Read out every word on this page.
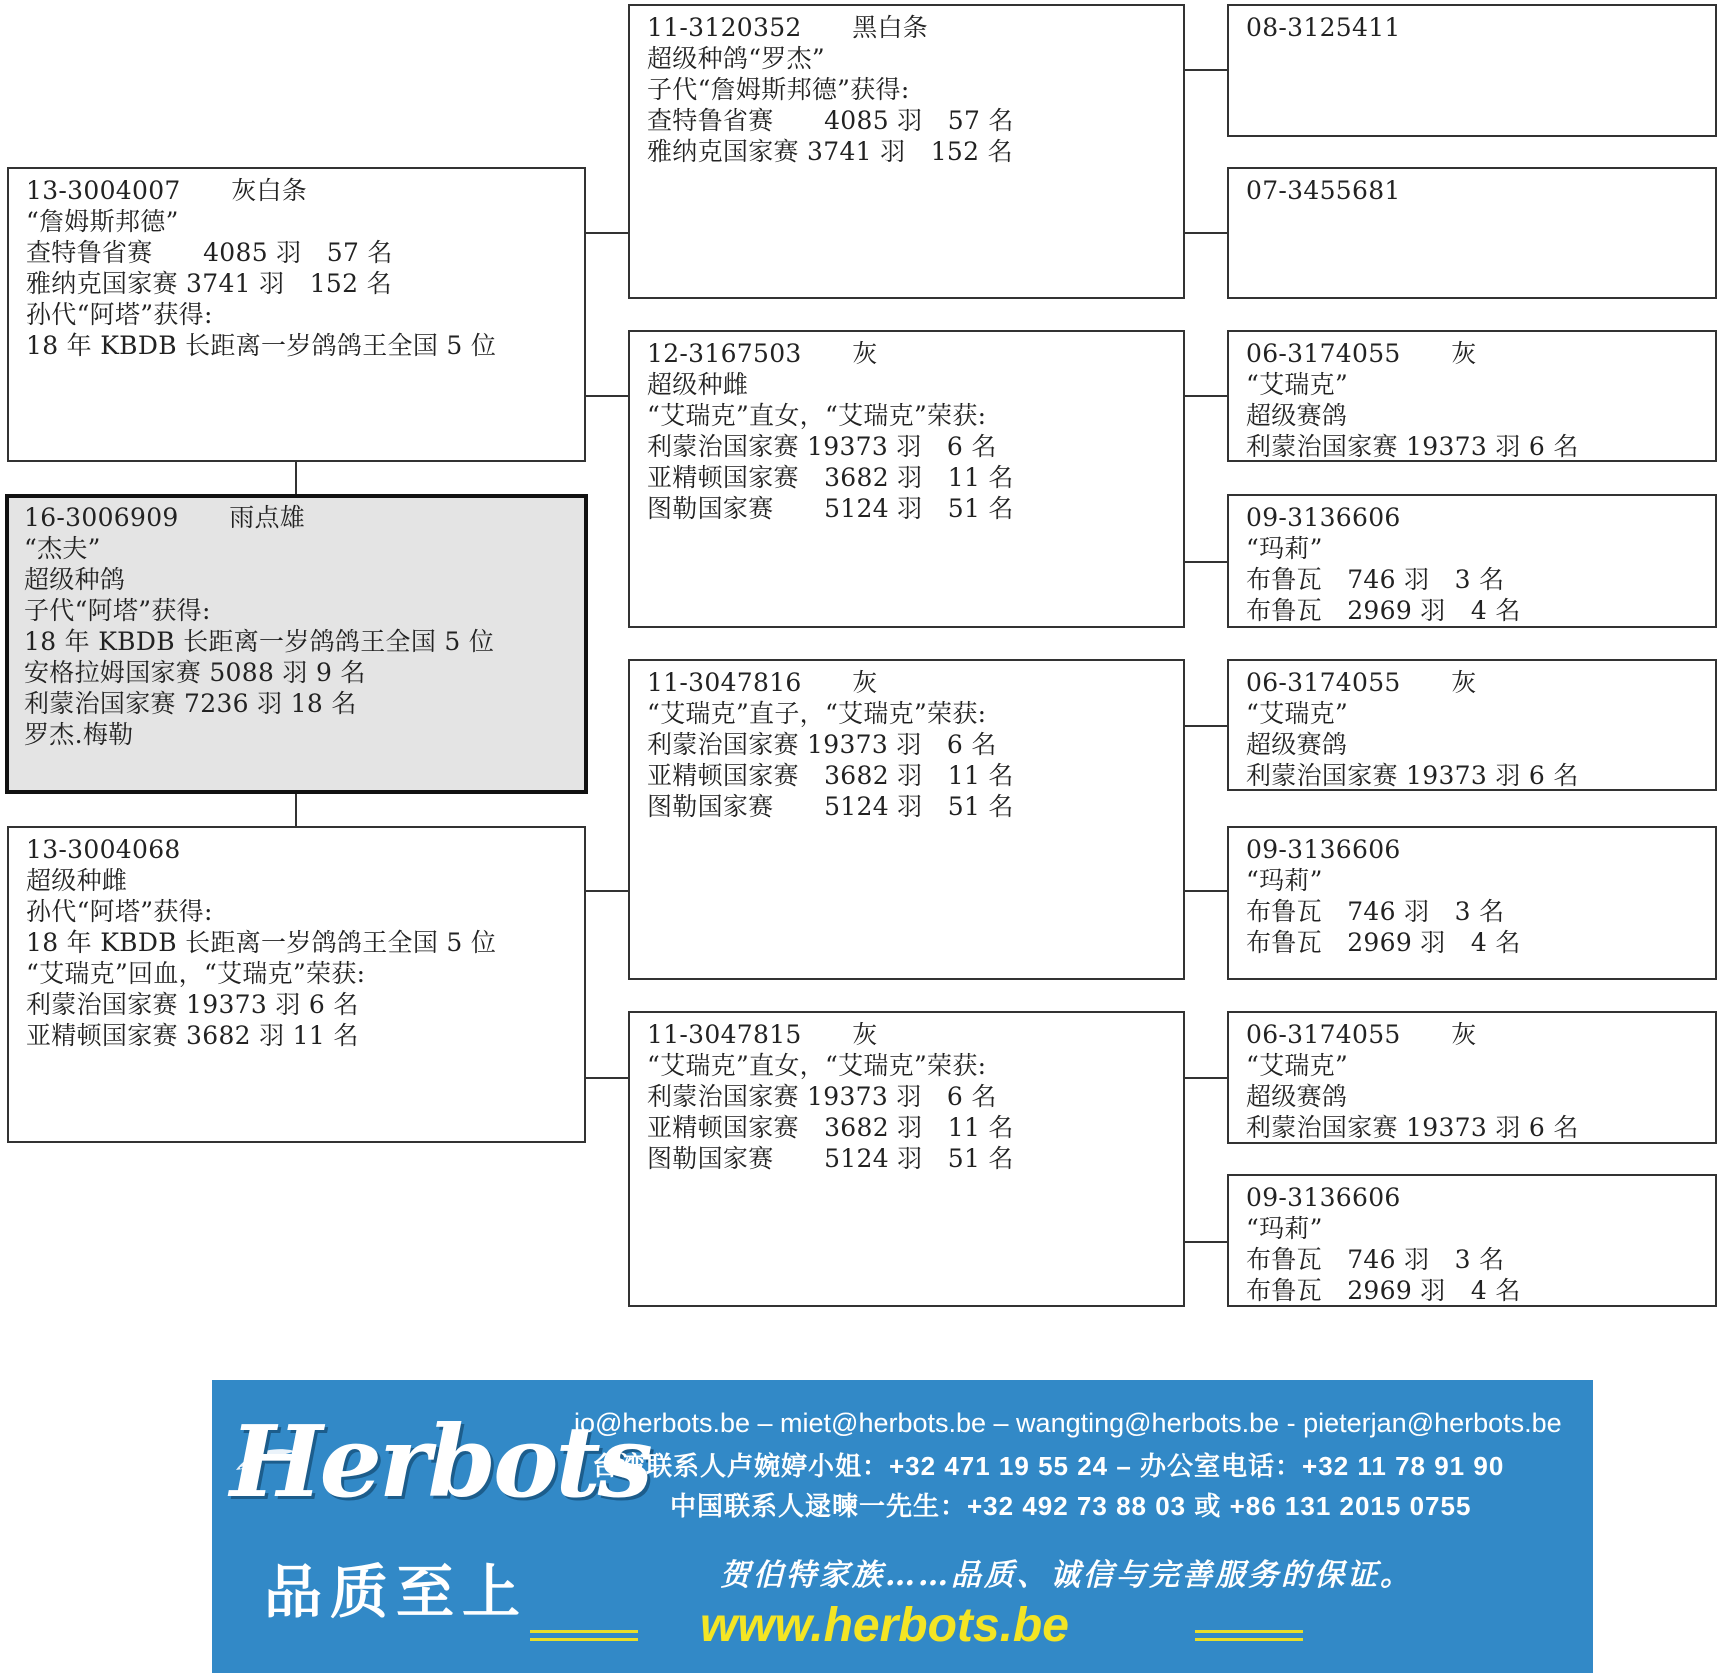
13-3004007　　灰白条

“詹姆斯邦德”

查特鲁省赛　　4085 羽　57 名

雅纳克国家赛 3741 羽　152 名

孙代“阿塔”获得:

18 年 KBDB 长距离一岁鸽鸽王全国 5 位

16-3006909　　雨点雄

“杰夫”

超级种鸽

子代“阿塔”获得:

18 年 KBDB 长距离一岁鸽鸽王全国 5 位

安格拉姆国家赛 5088 羽 9 名

利蒙治国家赛 7236 羽 18 名

罗杰.梅勒

13-3004068

超级种雌

孙代“阿塔”获得:

18 年 KBDB 长距离一岁鸽鸽王全国 5 位

“艾瑞克”回血，“艾瑞克”荣获:

利蒙治国家赛 19373 羽 6 名

亚精顿国家赛 3682 羽 11 名

11-3120352　　黑白条

超级种鸽“罗杰”

子代“詹姆斯邦德”获得:

查特鲁省赛　　4085 羽　57 名

雅纳克国家赛 3741 羽　152 名

12-3167503　　灰

超级种雌

“艾瑞克”直女，“艾瑞克”荣获:

利蒙治国家赛 19373 羽　6 名

亚精顿国家赛　3682 羽　11 名

图勒国家赛　　5124 羽　51 名

11-3047816　　灰

“艾瑞克”直子，“艾瑞克”荣获:

利蒙治国家赛 19373 羽　6 名

亚精顿国家赛　3682 羽　11 名

图勒国家赛　　5124 羽　51 名

11-3047815　　灰

“艾瑞克”直女，“艾瑞克”荣获:

利蒙治国家赛 19373 羽　6 名

亚精顿国家赛　3682 羽　11 名

图勒国家赛　　5124 羽　51 名

08-3125411

07-3455681

06-3174055　　灰

“艾瑞克”

超级赛鸽

利蒙治国家赛 19373 羽 6 名

09-3136606

“玛莉”

布鲁瓦　746 羽　3 名

布鲁瓦　2969 羽　4 名

06-3174055　　灰

“艾瑞克”

超级赛鸽

利蒙治国家赛 19373 羽 6 名

09-3136606

“玛莉”

布鲁瓦　746 羽　3 名

布鲁瓦　2969 羽　4 名

06-3174055　　灰

“艾瑞克”

超级赛鸽

利蒙治国家赛 19373 羽 6 名

09-3136606

“玛莉”

布鲁瓦　746 羽　3 名

布鲁瓦　2969 羽　4 名

Herbots
品质至上
jo@herbots.be – miet@herbots.be – wangting@herbots.be - pieterjan@herbots.be
台湾联系人卢婉婷小姐：+32 471 19 55 24 – 办公室电话：+32 11 78 91 90
中国联系人逯暕一先生：+32 492 73 88 03 或 +86 131 2015 0755
贺伯特家族……品质、诚信与完善服务的保证。
www.herbots.be
